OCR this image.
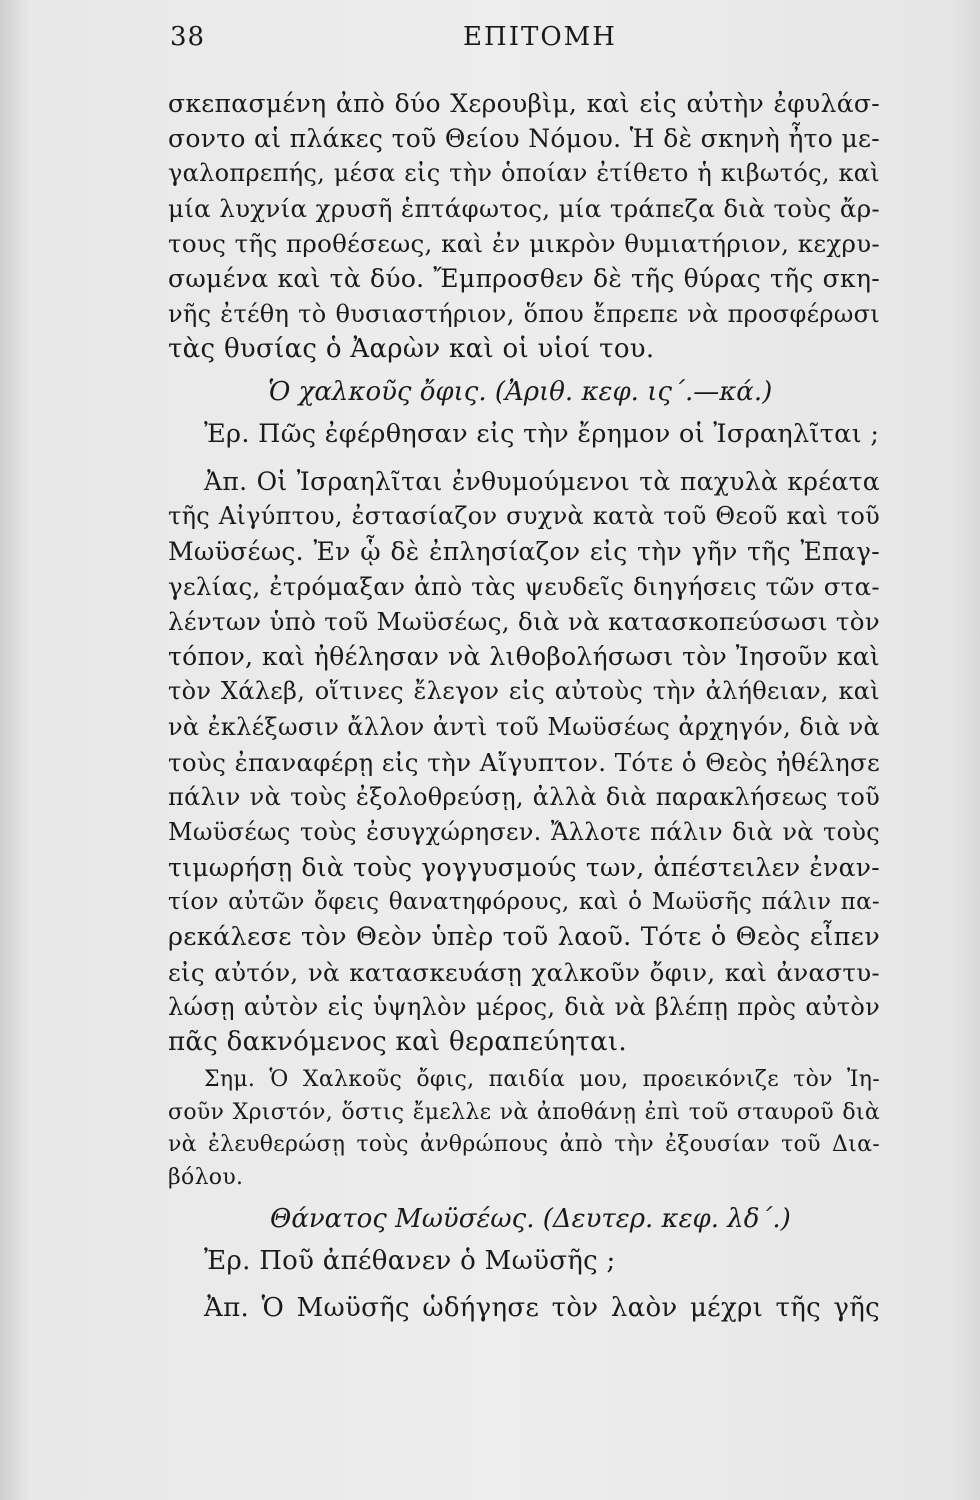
38	ΕΠΙΤΟΜΗ
σκεπασμένη ἀπὸ δύο Χερουβὶμ, καὶ εἰς αὐτὴν ἐφυλάσ-
σοντο αἱ πλάκες τοῦ Θείου Νόμου. Ἡ δὲ σκηνὴ ἦτο με-
γαλοπρεπής, μέσα εἰς τὴν ὁποίαν ἐτίθετο ἡ κιβωτός, καὶ
μία λυχνία χρυσῆ ἑπτάφωτος, μία τράπεζα διὰ τοὺς ἄρ-
τους τῆς προθέσεως, καὶ ἐν μικρὸν θυμιατήριον, κεχρυ-
σωμένα καὶ τὰ δύο. Ἔμπροσθεν δὲ τῆς θύρας τῆς σκη-
νῆς ἐτέθη τὸ θυσιαστήριον, ὅπου ἔπρεπε νὰ προσφέρωσι
τὰς θυσίας ὁ Ἀαρὼν καὶ οἱ υἱοί του.
Ὁ χαλκοῦς ὄφις. (Ἀριθ. κεφ. ις΄.—κά.)
Ἐρ. Πῶς ἐφέρθησαν εἰς τὴν ἔρημον οἱ Ἰσραηλῖται ;
Ἀπ. Οἱ Ἰσραηλῖται ἐνθυμούμενοι τὰ παχυλὰ κρέατα
τῆς Αἰγύπτου, ἐστασίαζον συχνὰ κατὰ τοῦ Θεοῦ καὶ τοῦ
Μωϋσέως. Ἐν ᾧ δὲ ἐπλησίαζον εἰς τὴν γῆν τῆς Ἐπαγ-
γελίας, ἐτρόμαξαν ἀπὸ τὰς ψευδεῖς διηγήσεις τῶν στα-
λέντων ὑπὸ τοῦ Μωϋσέως, διὰ νὰ κατασκοπεύσωσι τὸν
τόπον, καὶ ἠθέλησαν νὰ λιθοβολήσωσι τὸν Ἰησοῦν καὶ
τὸν Χάλεβ, οἵτινες ἔλεγον εἰς αὐτοὺς τὴν ἀλήθειαν, καὶ
νὰ ἐκλέξωσιν ἄλλον ἀντὶ τοῦ Μωϋσέως ἀρχηγόν, διὰ νὰ
τοὺς ἐπαναφέρῃ εἰς τὴν Αἴγυπτον. Τότε ὁ Θεὸς ἠθέλησε
πάλιν νὰ τοὺς ἐξολοθρεύσῃ, ἀλλὰ διὰ παρακλήσεως τοῦ
Μωϋσέως τοὺς ἐσυγχώρησεν. Ἄλλοτε πάλιν διὰ νὰ τοὺς
τιμωρήσῃ διὰ τοὺς γογγυσμούς των, ἀπέστειλεν ἐναν-
τίον αὐτῶν ὄφεις θανατηφόρους, καὶ ὁ Μωϋσῆς πάλιν πα-
ρεκάλεσε τὸν Θεὸν ὑπὲρ τοῦ λαοῦ. Τότε ὁ Θεὸς εἶπεν
εἰς αὐτόν, νὰ κατασκευάσῃ χαλκοῦν ὄφιν, καὶ ἀναστυ-
λώσῃ αὐτὸν εἰς ὑψηλὸν μέρος, διὰ νὰ βλέπῃ πρὸς αὐτὸν
πᾶς δακνόμενος καὶ θεραπεύηται.
Σημ. Ὁ Χαλκοῦς ὄφις, παιδία μου, προεικόνιζε τὸν Ἰη-
σοῦν Χριστόν, ὅστις ἔμελλε νὰ ἀποθάνῃ ἐπὶ τοῦ σταυροῦ διὰ
νὰ ἐλευθερώσῃ τοὺς ἀνθρώπους ἀπὸ τὴν ἐξουσίαν τοῦ Δια-
βόλου.
Θάνατος Μωϋσέως. (Δευτερ. κεφ. λδ΄.)
Ἐρ. Ποῦ ἀπέθανεν ὁ Μωϋσῆς ;
Ἀπ. Ὁ Μωϋσῆς ὡδήγησε τὸν λαὸν μέχρι τῆς γῆς
